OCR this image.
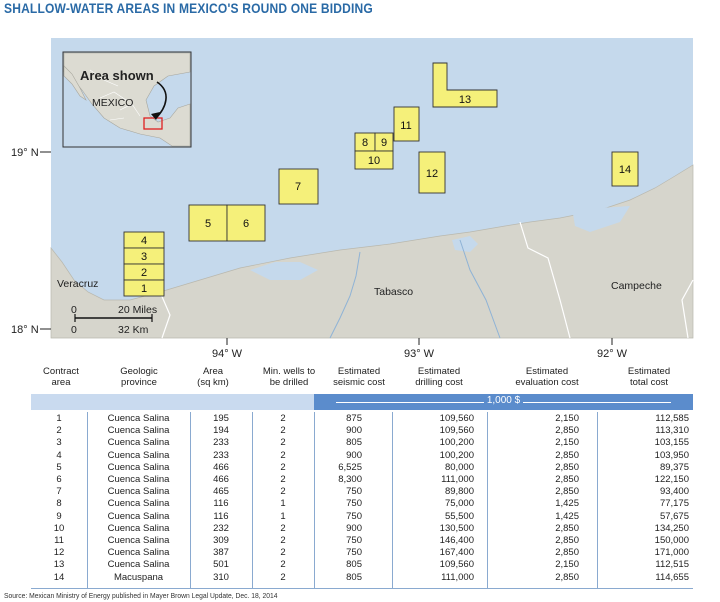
SHALLOW-WATER AREAS IN MEXICO'S ROUND ONE BIDDING
4
3
2
1
5	6
7
8 9
10
11
12
13
14
Veracruz
Tabasco	Campeche
0	20 Miles
0	32 Km
Area shown
MEXICO
19° N
18° N
94° W	93° W	92° W
Contract
area
Geologic
province
Area
(sq km)
Min. wells to
be drilled
Estimated
seismic cost
Estimated
drilling cost
Estimated
evaluation cost
Estimated
total cost
1,000 $
1	Cuenca Salina	195	2	875	109,560	2,150	112,585
2	Cuenca Salina	194	2	900	109,560	2,850	113,310
3	Cuenca Salina	233	2	805	100,200	2,150	103,155
4	Cuenca Salina	233	2	900	100,200	2,850	103,950
5	Cuenca Salina	466	2	6,525	80,000	2,850	89,375
6	Cuenca Salina	466	2	8,300	111,000	2,850	122,150
7	Cuenca Salina	465	2	750	89,800	2,850	93,400
8	Cuenca Salina	116	1	750	75,000	1,425	77,175
9	Cuenca Salina	116	1	750	55,500	1,425	57,675
10	Cuenca Salina	232	2	900	130,500	2,850	134,250
11	Cuenca Salina	309	2	750	146,400	2,850	150,000
12	Cuenca Salina	387	2	750	167,400	2,850	171,000
13	Cuenca Salina	501	2	805	109,560	2,150	112,515
14	Macuspana	310	2	805	111,000	2,850	114,655
Source: Mexican Ministry of Energy published in Mayer Brown Legal Update, Dec. 18, 2014
